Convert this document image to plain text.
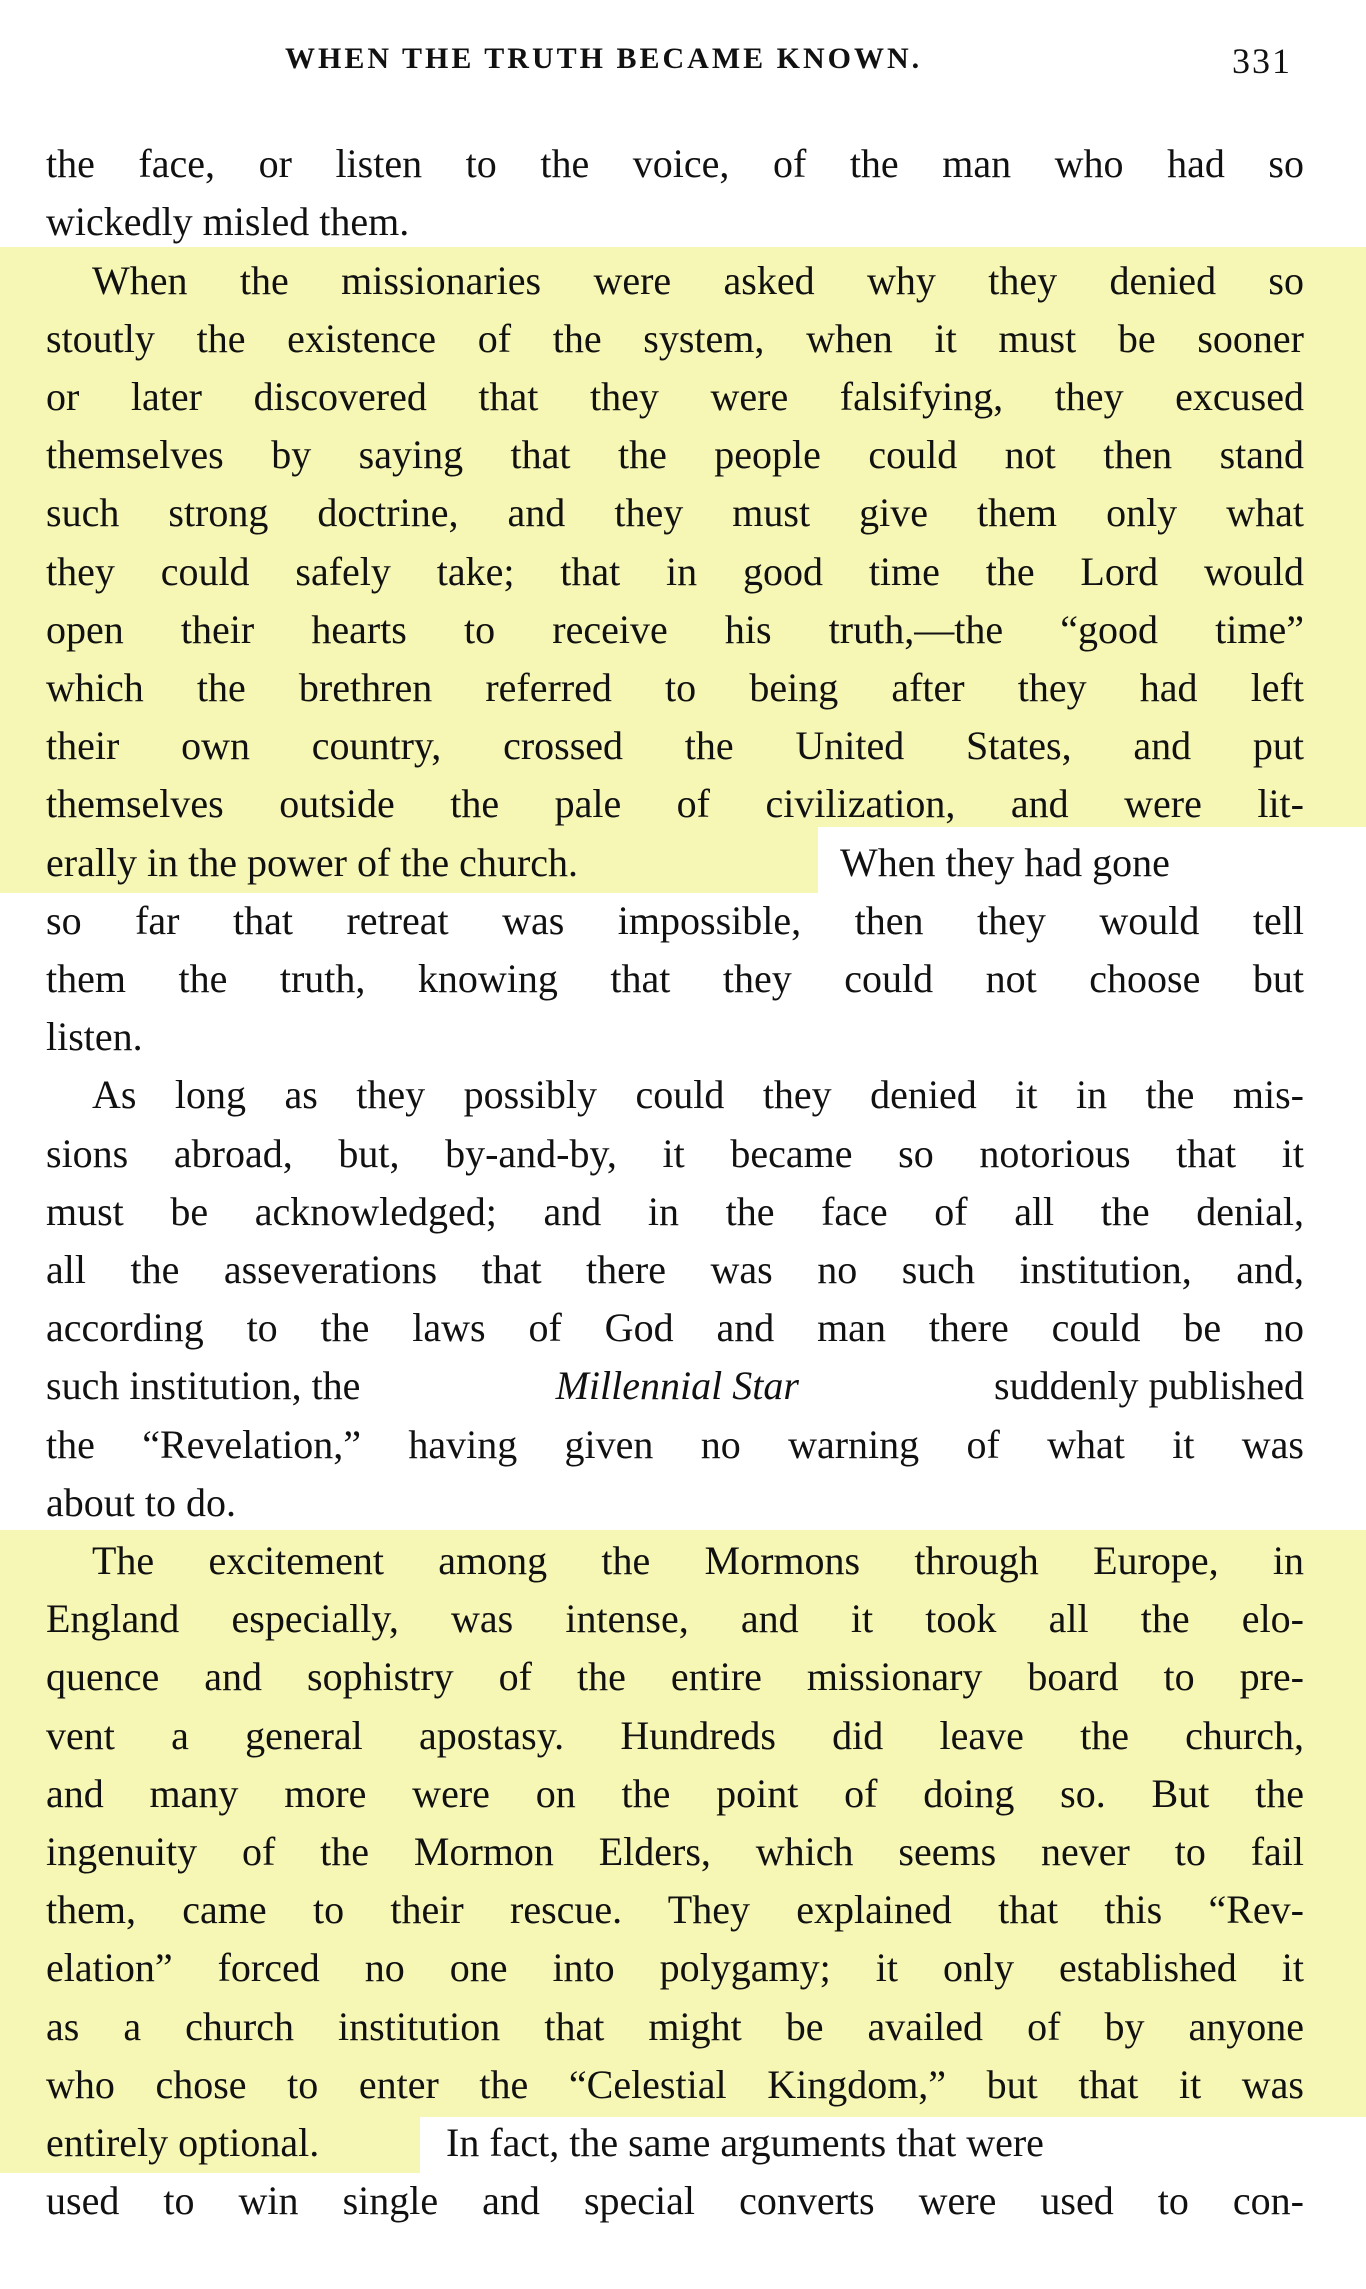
WHEN THE TRUTH BECAME KNOWN.	331
the face, or listen to the voice, of the man who had so
wickedly misled them.
When the missionaries were asked why they denied so
stoutly the existence of the system, when it must be sooner
or later discovered that they were falsifying, they excused
themselves by saying that the people could not then stand
such strong doctrine, and they must give them only what
they could safely take; that in good time the Lord would
open their hearts to receive his truth,—the “good time”
which the brethren referred to being after they had left
their own country, crossed the United States, and put
themselves outside the pale of civilization, and were lit-
erally in the power of the church.	When they had gone
so far that retreat was impossible, then they would tell
them the truth, knowing that they could not choose but
listen.
As long as they possibly could they denied it in the mis-
sions abroad, but, by-and-by, it became so notorious that it
must be acknowledged; and in the face of all the denial,
all the asseverations that there was no such institution, and,
according to the laws of God and man there could be no
such institution, the	Millennial Star	suddenly published
the “Revelation,” having given no warning of what it was
about to do.
The excitement among the Mormons through Europe, in
England especially, was intense, and it took all the elo-
quence and sophistry of the entire missionary board to pre-
vent a general apostasy. Hundreds did leave the church,
and many more were on the point of doing so. But the
ingenuity of the Mormon Elders, which seems never to fail
them, came to their rescue. They explained that this “Rev-
elation” forced no one into polygamy; it only established it
as a church institution that might be availed of by anyone
who chose to enter the “Celestial Kingdom,” but that it was
entirely optional.	In fact, the same arguments that were
used to win single and special converts were used to con-
